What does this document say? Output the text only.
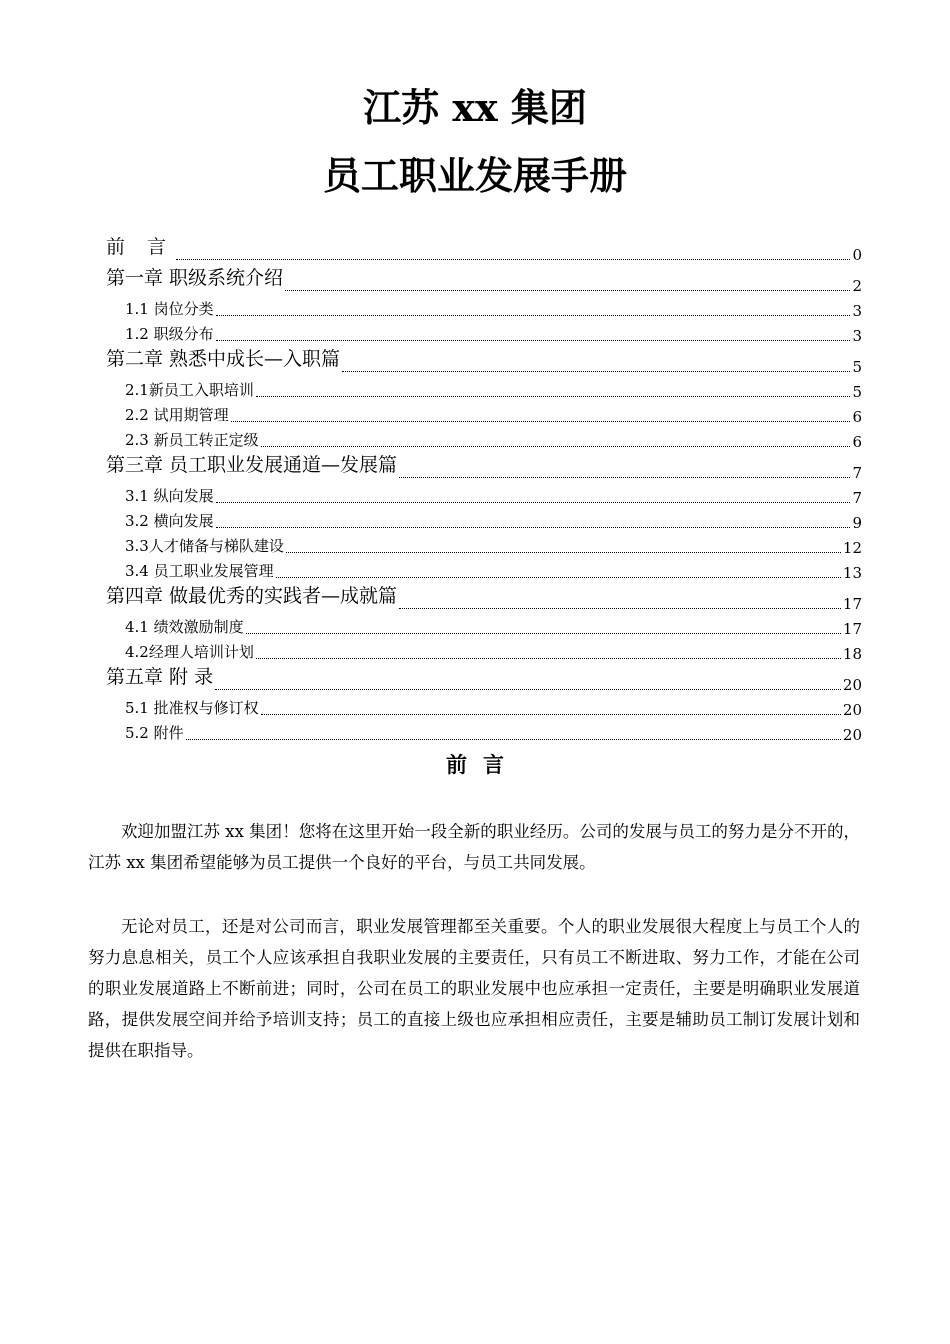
江苏 xx 集团
员工职业发展手册
前 言	0
第一章 职级系统介绍	2
1.1 岗位分类	3
1.2 职级分布	3
第二章 熟悉中成长—入职篇	5
2.1新员工入职培训	5
2.2 试用期管理	6
2.3 新员工转正定级	6
第三章 员工职业发展通道—发展篇	7
3.1 纵向发展	7
3.2 横向发展	9
3.3人才储备与梯队建设	12
3.4 员工职业发展管理	13
第四章 做最优秀的实践者—成就篇	17
4.1 绩效激励制度	17
4.2经理人培训计划	18
第五章 附 录	20
5.1 批准权与修订权	20
5.2 附件	20
前言

欢迎加盟江苏 xx 集团！您将在这里开始一段全新的职业经历。公司的发展与员工的努力是分不开的，江苏 xx 集团希望能够为员工提供一个良好的平台，与员工共同发展。

无论对员工，还是对公司而言，职业发展管理都至关重要。个人的职业发展很大程度上与员工个人的努力息息相关，员工个人应该承担自我职业发展的主要责任，只有员工不断进取、努力工作，才能在公司的职业发展道路上不断前进；同时，公司在员工的职业发展中也应承担一定责任，主要是明确职业发展道路，提供发展空间并给予培训支持；员工的直接上级也应承担相应责任，主要是辅助员工制订发展计划和提供在职指导。
